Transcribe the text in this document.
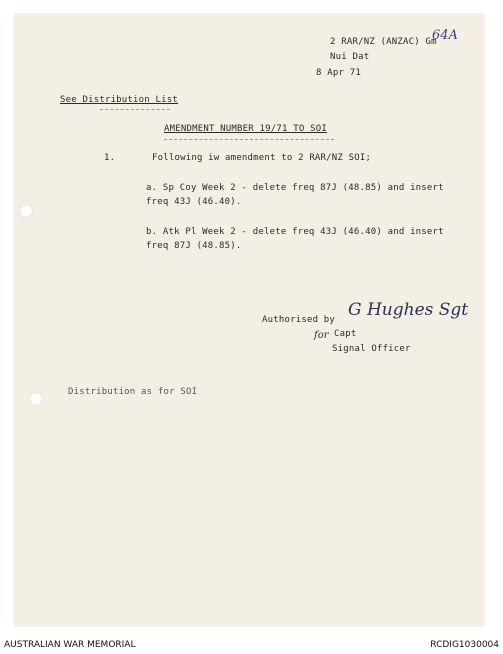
2 RAR/NZ (ANZAC) Gm
64A
Nui Dat
8 Apr 71
See Distribution List
AMENDMENT NUMBER 19/71 TO SOI
1.	Following iw amendment to 2 RAR/NZ SOI;
a. Sp Coy Week 2 - delete freq 87J (48.85) and insert
freq 43J (46.40).
b. Atk Pl Week 2 - delete freq 43J (46.40) and insert
freq 87J (48.85).
Authorised by G Hughes Sgt
for Capt
Signal Officer
Distribution as for SOI
AUSTRALIAN WAR MEMORIAL	RCDIG1030004
